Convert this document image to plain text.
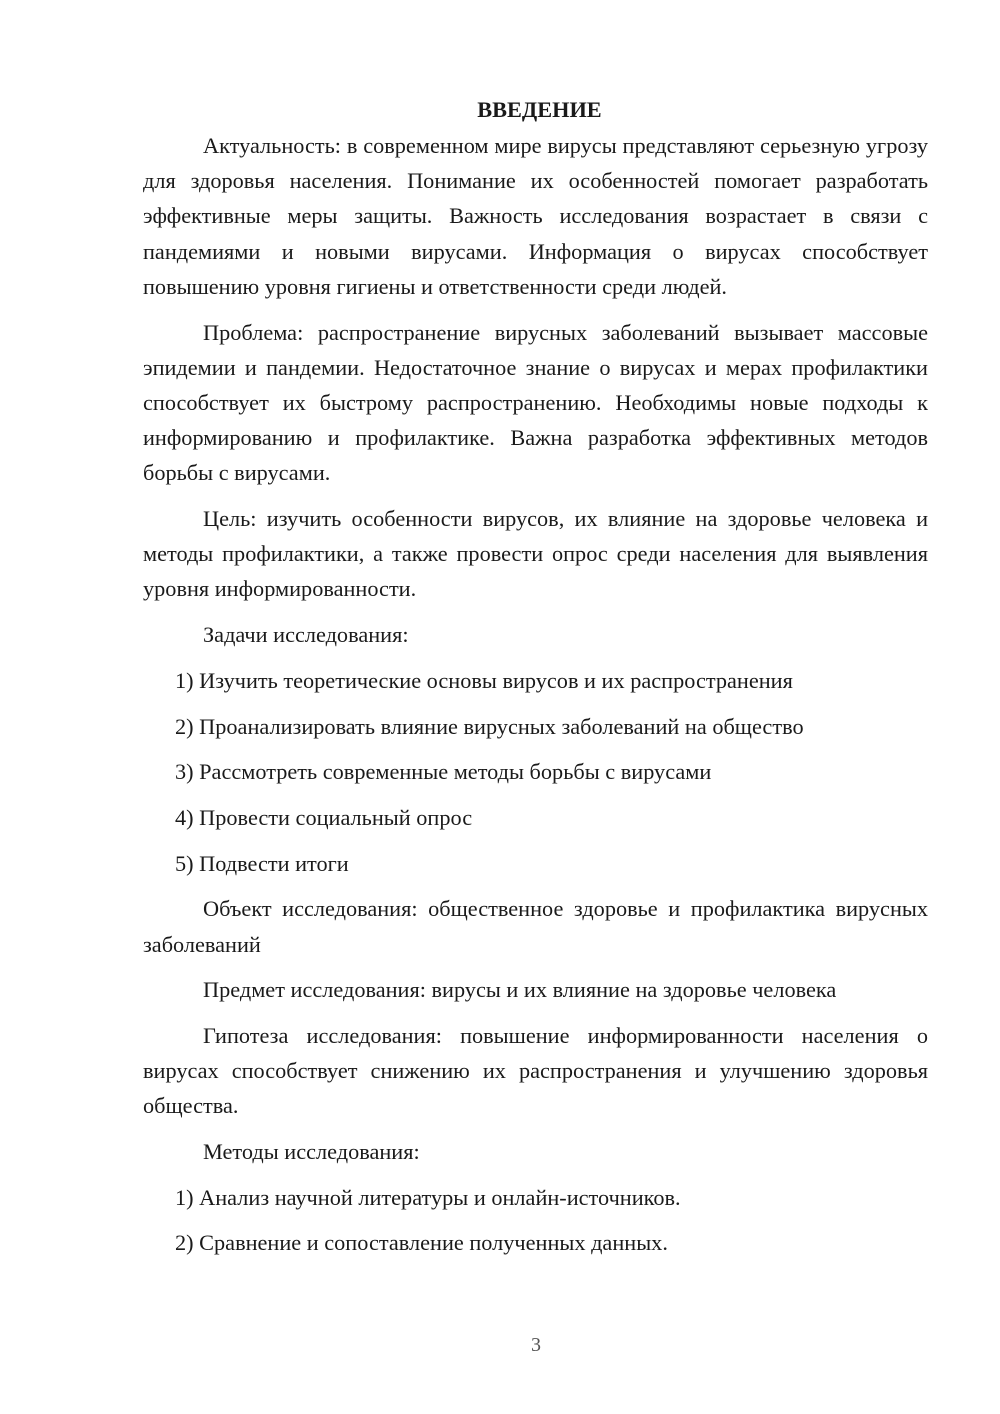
ВВЕДЕНИЕ

Актуальность: в современном мире вирусы представляют серьезную угрозу для здоровья населения. Понимание их особенностей помогает разработать эффективные меры защиты. Важность исследования возрастает в связи с пандемиями и новыми вирусами. Информация о вирусах способствует повышению уровня гигиены и ответственности среди людей.

Проблема: распространение вирусных заболеваний вызывает массовые эпидемии и пандемии. Недостаточное знание о вирусах и мерах профилактики способствует их быстрому распространению. Необходимы новые подходы к информированию и профилактике. Важна разработка эффективных методов борьбы с вирусами.

Цель: изучить особенности вирусов, их влияние на здоровье человека и методы профилактики, а также провести опрос среди населения для выявления уровня информированности.

Задачи исследования:

1) Изучить теоретические основы вирусов и их распространения

2) Проанализировать влияние вирусных заболеваний на общество

3) Рассмотреть современные методы борьбы с вирусами

4) Провести социальный опрос

5) Подвести итоги

Объект исследования: общественное здоровье и профилактика вирусных заболеваний

Предмет исследования: вирусы и их влияние на здоровье человека

Гипотеза исследования: повышение информированности населения о вирусах способствует снижению их распространения и улучшению здоровья общества.

Методы исследования:

1) Анализ научной литературы и онлайн-источников.

2) Сравнение и сопоставление полученных данных.

3
